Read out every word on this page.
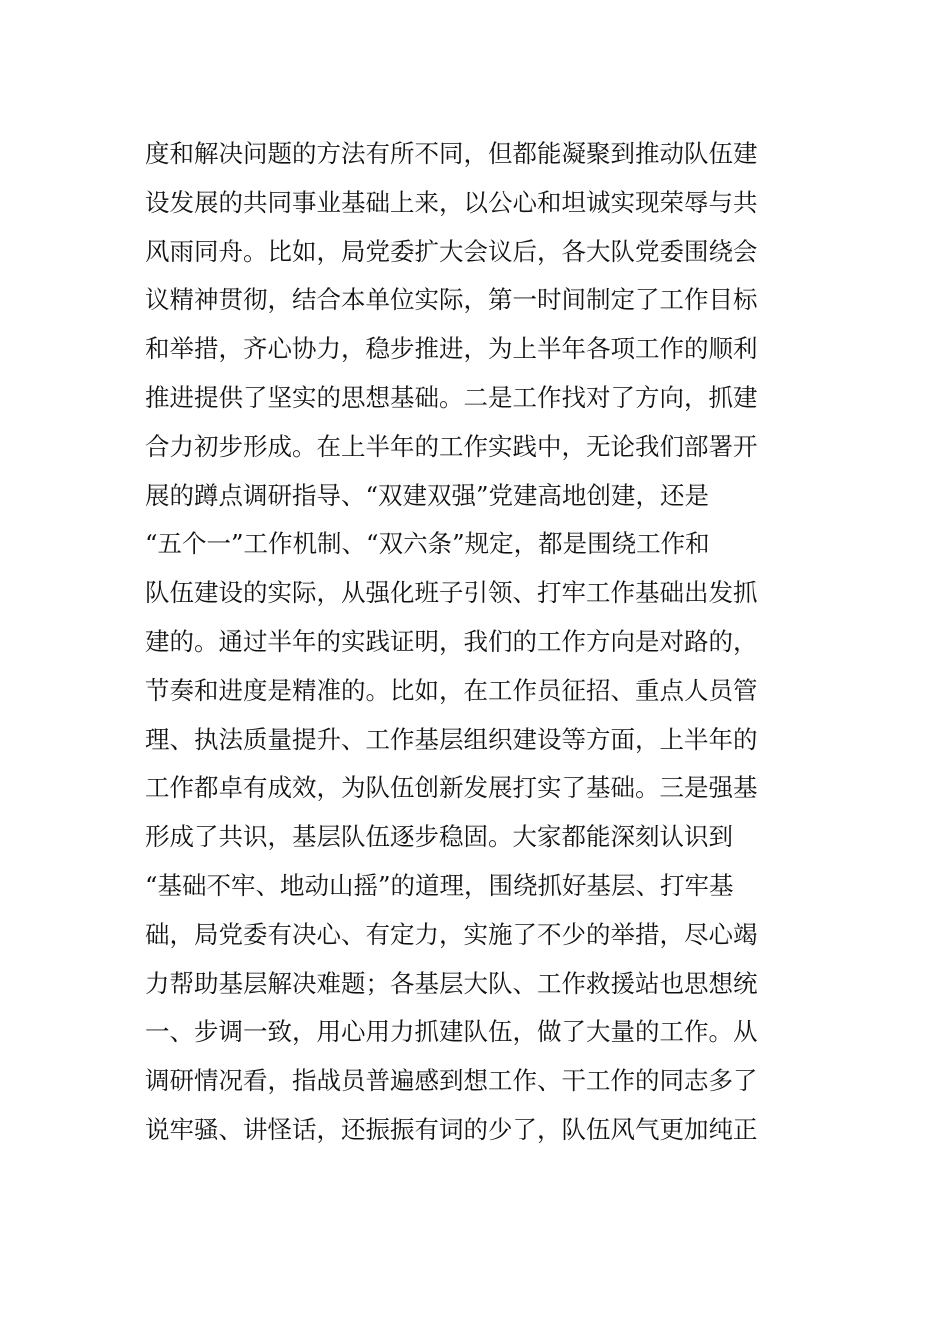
度和解决问题的方法有所不同，但都能凝聚到推动队伍建
设发展的共同事业基础上来，以公心和坦诚实现荣辱与共
风雨同舟。比如，局党委扩大会议后，各大队党委围绕会
议精神贯彻，结合本单位实际，第一时间制定了工作目标
和举措，齐心协力，稳步推进，为上半年各项工作的顺利
推进提供了坚实的思想基础。二是工作找对了方向，抓建
合力初步形成。在上半年的工作实践中，无论我们部署开
展的蹲点调研指导、“双建双强”党建高地创建，还是
“五个一”工作机制、“双六条”规定，都是围绕工作和
队伍建设的实际，从强化班子引领、打牢工作基础出发抓
建的。通过半年的实践证明，我们的工作方向是对路的，
节奏和进度是精准的。比如，在工作员征招、重点人员管
理、执法质量提升、工作基层组织建设等方面，上半年的
工作都卓有成效，为队伍创新发展打实了基础。三是强基
形成了共识，基层队伍逐步稳固。大家都能深刻认识到
“基础不牢、地动山摇”的道理，围绕抓好基层、打牢基
础，局党委有决心、有定力，实施了不少的举措，尽心竭
力帮助基层解决难题；各基层大队、工作救援站也思想统
一、步调一致，用心用力抓建队伍，做了大量的工作。从
调研情况看，指战员普遍感到想工作、干工作的同志多了
说牢骚、讲怪话，还振振有词的少了，队伍风气更加纯正
